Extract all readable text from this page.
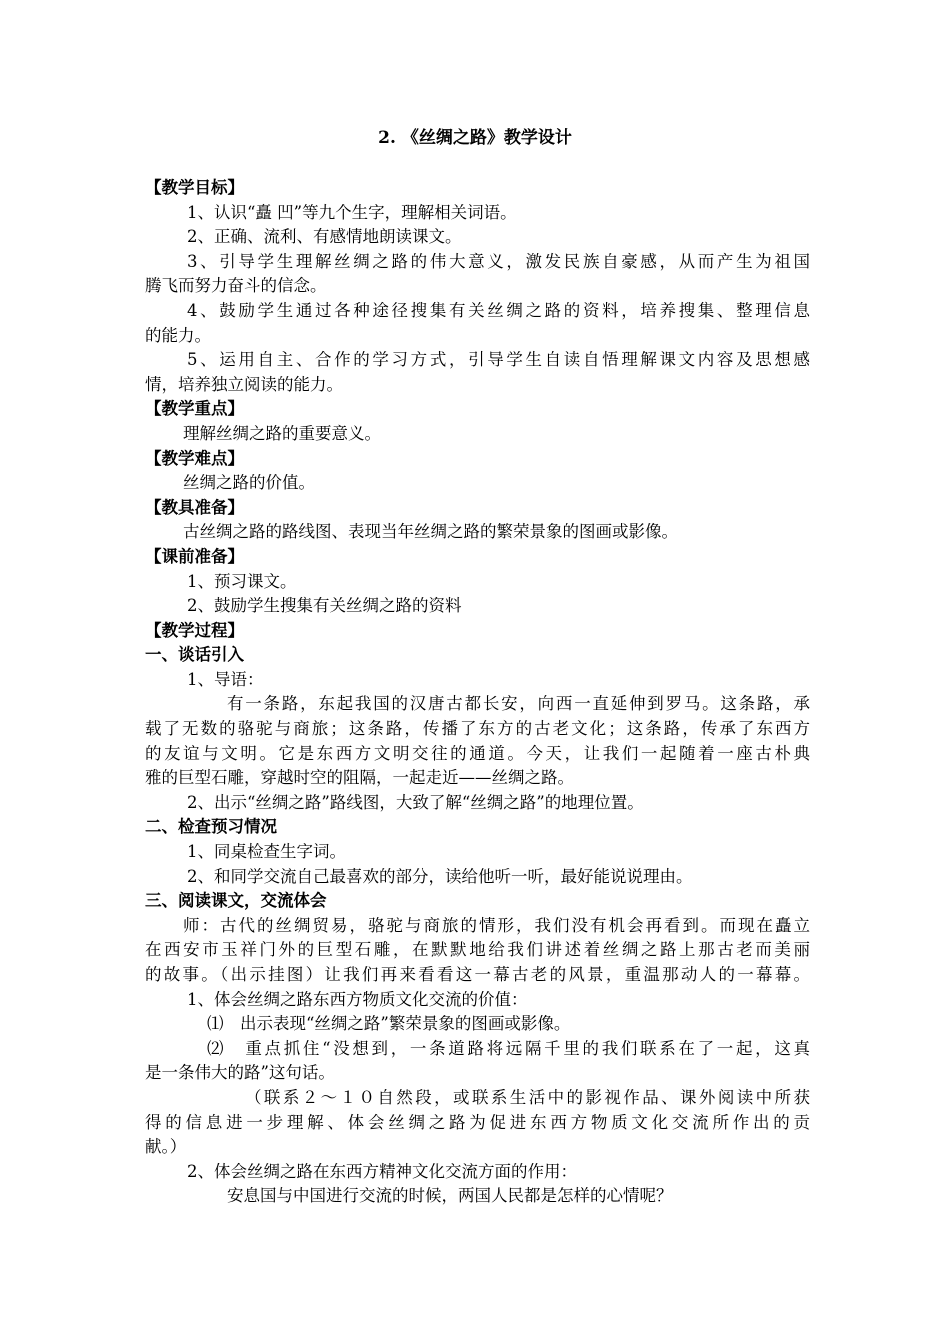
2. 《丝绸之路》教学设计
【教学目标】
1、认识“矗 凹”等九个生字，理解相关词语。
2、正确、流利、有感情地朗读课文。
3、引导学生理解丝绸之路的伟大意义，激发民族自豪感，从而产生为祖国
腾飞而努力奋斗的信念。
4、鼓励学生通过各种途径搜集有关丝绸之路的资料，培养搜集、整理信息
的能力。
5、运用自主、合作的学习方式，引导学生自读自悟理解课文内容及思想感
情，培养独立阅读的能力。
【教学重点】
理解丝绸之路的重要意义。
【教学难点】
丝绸之路的价值。
【教具准备】
古丝绸之路的路线图、表现当年丝绸之路的繁荣景象的图画或影像。
【课前准备】
1、预习课文。
2、鼓励学生搜集有关丝绸之路的资料
【教学过程】
一、谈话引入
1、导语：
有一条路，东起我国的汉唐古都长安，向西一直延伸到罗马。这条路，承
载了无数的骆驼与商旅；这条路，传播了东方的古老文化；这条路，传承了东西方
的友谊与文明。它是东西方文明交往的通道。今天，让我们一起随着一座古朴典
雅的巨型石雕，穿越时空的阻隔，一起走近——丝绸之路。
2、出示“丝绸之路”路线图，大致了解“丝绸之路”的地理位置。
二、检查预习情况
1、同桌检查生字词。
2、和同学交流自己最喜欢的部分，读给他听一听，最好能说说理由。
三、阅读课文，交流体会
师：古代的丝绸贸易，骆驼与商旅的情形，我们没有机会再看到。而现在矗立
在西安市玉祥门外的巨型石雕，在默默地给我们讲述着丝绸之路上那古老而美丽
的故事。（出示挂图）让我们再来看看这一幕古老的风景，重温那动人的一幕幕。
1、体会丝绸之路东西方物质文化交流的价值：
⑴　出示表现“丝绸之路”繁荣景象的图画或影像。
⑵　重点抓住“没想到，一条道路将远隔千里的我们联系在了一起，这真
是一条伟大的路”这句话。
（联系２～１０自然段，或联系生活中的影视作品、课外阅读中所获
得的信息进一步理解、体会丝绸之路为促进东西方物质文化交流所作出的贡
献。）
2、体会丝绸之路在东西方精神文化交流方面的作用：
安息国与中国进行交流的时候，两国人民都是怎样的心情呢？
